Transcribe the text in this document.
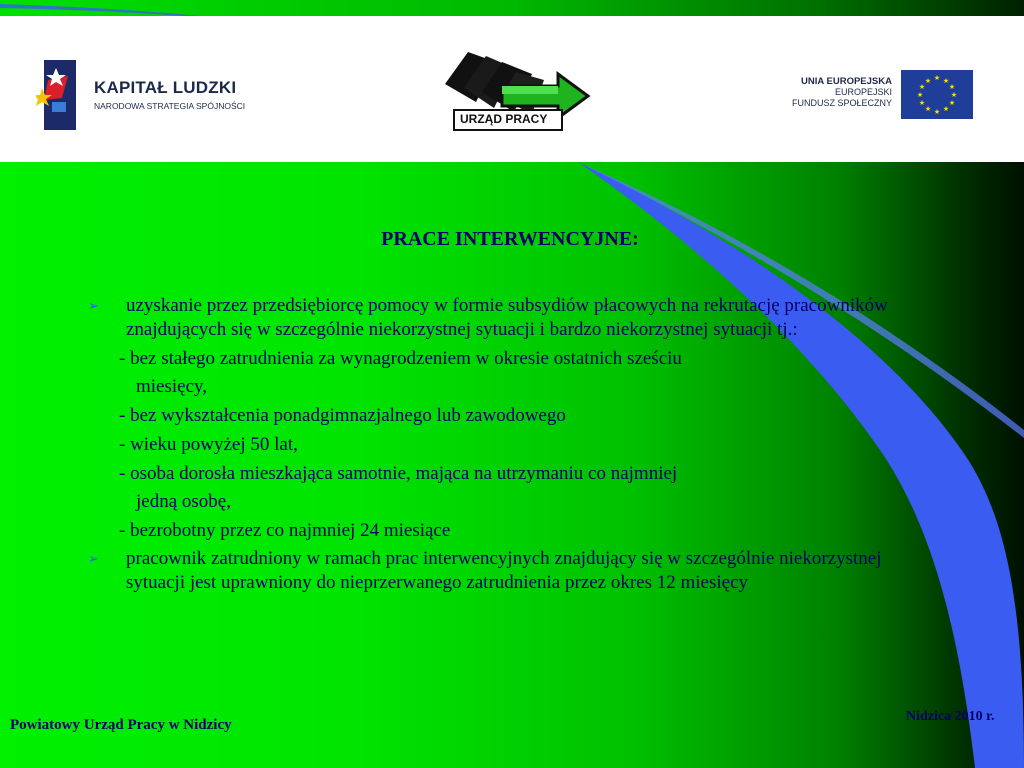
KAPITAŁ LUDZKI
NARODOWA STRATEGIA SPÓJNOŚCI
URZĄD PRACY
UNIA EUROPEJSKA
EUROPEJSKI
FUNDUSZ SPOŁECZNY
★ ★
★
★
★
★
★
★
★
★
★
★
PRACE INTERWENCYJNE:
➢ uzyskanie przez przedsiębiorcę pomocy w formie subsydiów płacowych na rekrutację pracowników znajdujących się w szczególnie niekorzystnej sytuacji i bardzo niekorzystnej sytuacji tj.:
- bez stałego zatrudnienia za wynagrodzeniem w okresie ostatnich sześciu
miesięcy,
- bez wykształcenia ponadgimnazjalnego lub zawodowego
- wieku powyżej 50 lat,
- osoba dorosła mieszkająca samotnie, mająca na utrzymaniu co najmniej
jedną osobę,
- bezrobotny przez co najmniej 24 miesiące
➢ pracownik zatrudniony w ramach prac interwencyjnych znajdujący się w szczególnie niekorzystnej sytuacji jest uprawniony do nieprzerwanego zatrudnienia przez okres 12 miesięcy
Powiatowy Urząd Pracy w Nidzicy
Nidzica 2010 r.
